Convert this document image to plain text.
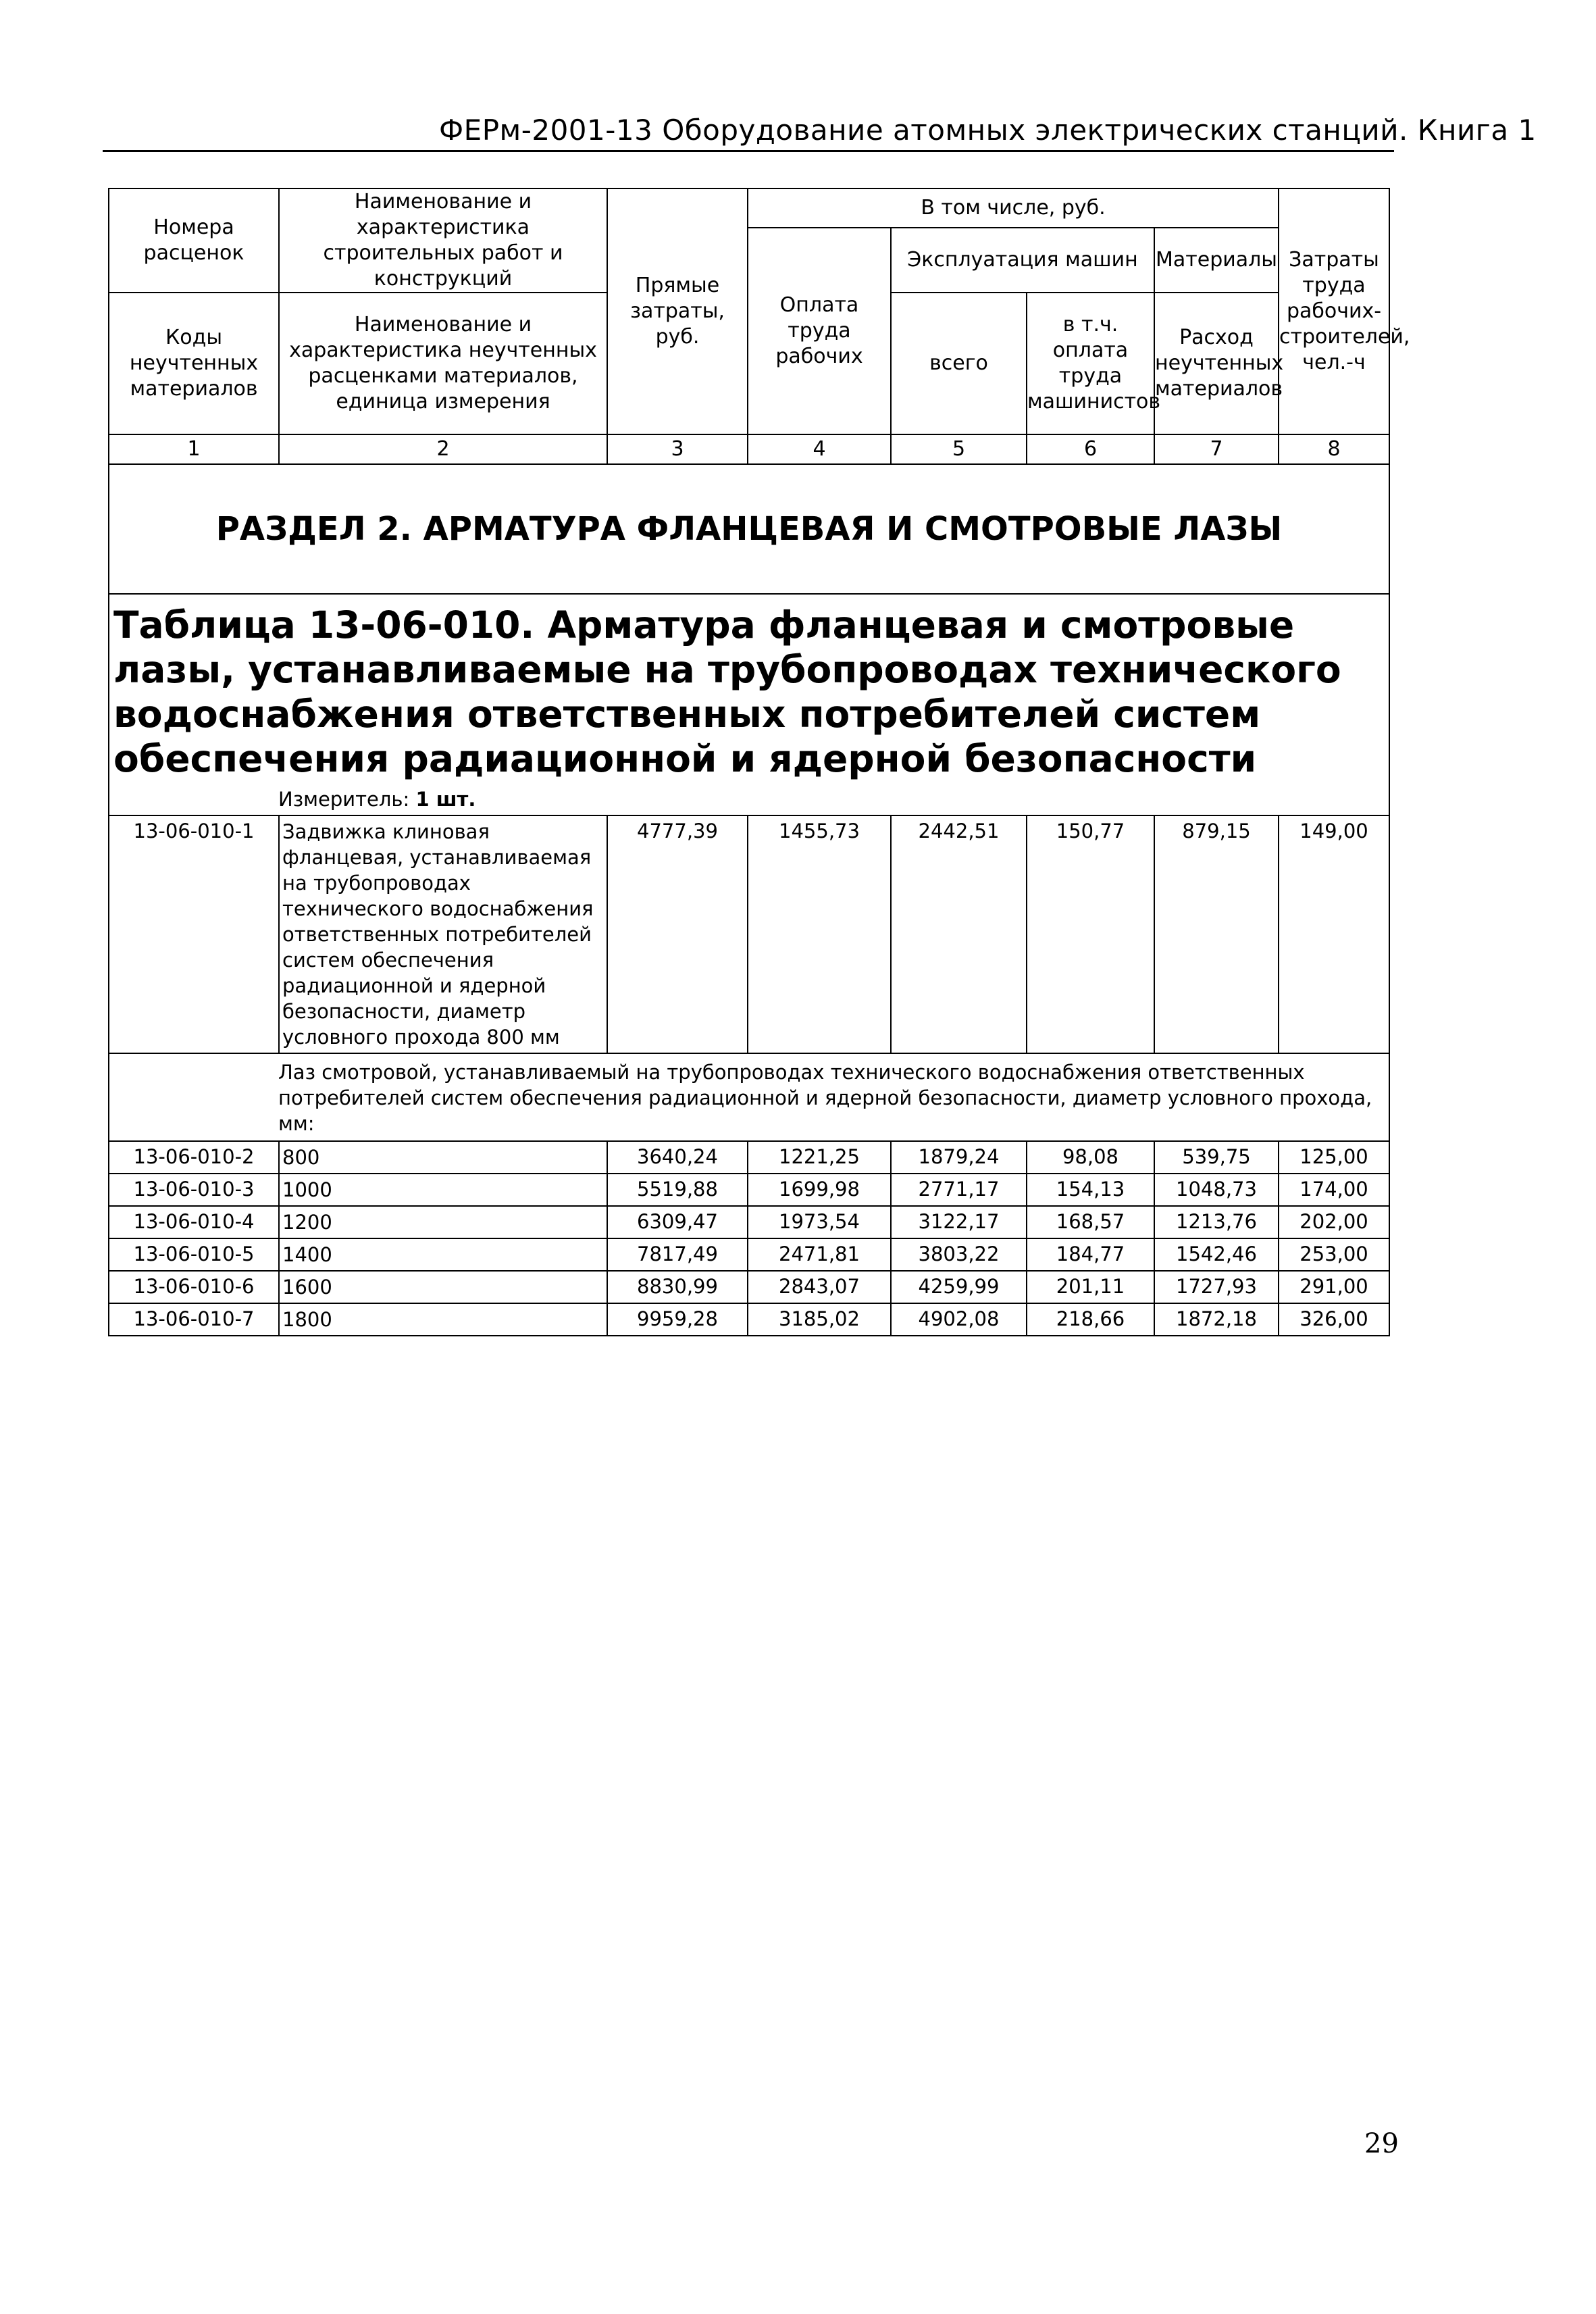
ФЕРм-2001-13 Оборудование атомных электрических станций. Книга 1
Номера расценок	Наименование и характеристика строительных работ и конструкций	Прямые затраты, руб.	В том числе, руб.				Затраты труда рабочих-строителей, чел.-ч
			Оплата труда рабочих	Эксплуатация машин		Материалы	
Коды неучтенных материалов	Наименование и характеристика неучтенных расценками материалов, единица измерения			всего	в т.ч. оплата труда машинистов	Расход неучтенных материалов	

1	2	3	4	5	6	7	8
РАЗДЕЛ 2. АРМАТУРА ФЛАНЦЕВАЯ И СМОТРОВЫЕ ЛАЗЫ							
Таблица 13-06-010. Арматура фланцевая и смотровые лазы, устанавливаемые на трубопроводах технического водоснабжения ответственных потребителей систем обеспечения радиационной и ядерной безопасности							
Измеритель: 1 шт.							
13-06-010-1	Задвижка клиновая фланцевая, устанавливаемая на трубопроводах технического водоснабжения ответственных потребителей систем обеспечения радиационной и ядерной безопасности, диаметр условного прохода 800 мм	4777,39	1455,73	2442,51	150,77	879,15	149,00
Лаз смотровой, устанавливаемый на трубопроводах технического водоснабжения ответственных потребителей систем обеспечения радиационной и ядерной безопасности, диаметр условного прохода, мм:							
13-06-010-2	800	3640,24	1221,25	1879,24	98,08	539,75	125,00
13-06-010-3	1000	5519,88	1699,98	2771,17	154,13	1048,73	174,00
13-06-010-4	1200	6309,47	1973,54	3122,17	168,57	1213,76	202,00
13-06-010-5	1400	7817,49	2471,81	3803,22	184,77	1542,46	253,00
13-06-010-6	1600	8830,99	2843,07	4259,99	201,11	1727,93	291,00
13-06-010-7	1800	9959,28	3185,02	4902,08	218,66	1872,18	326,00
29
